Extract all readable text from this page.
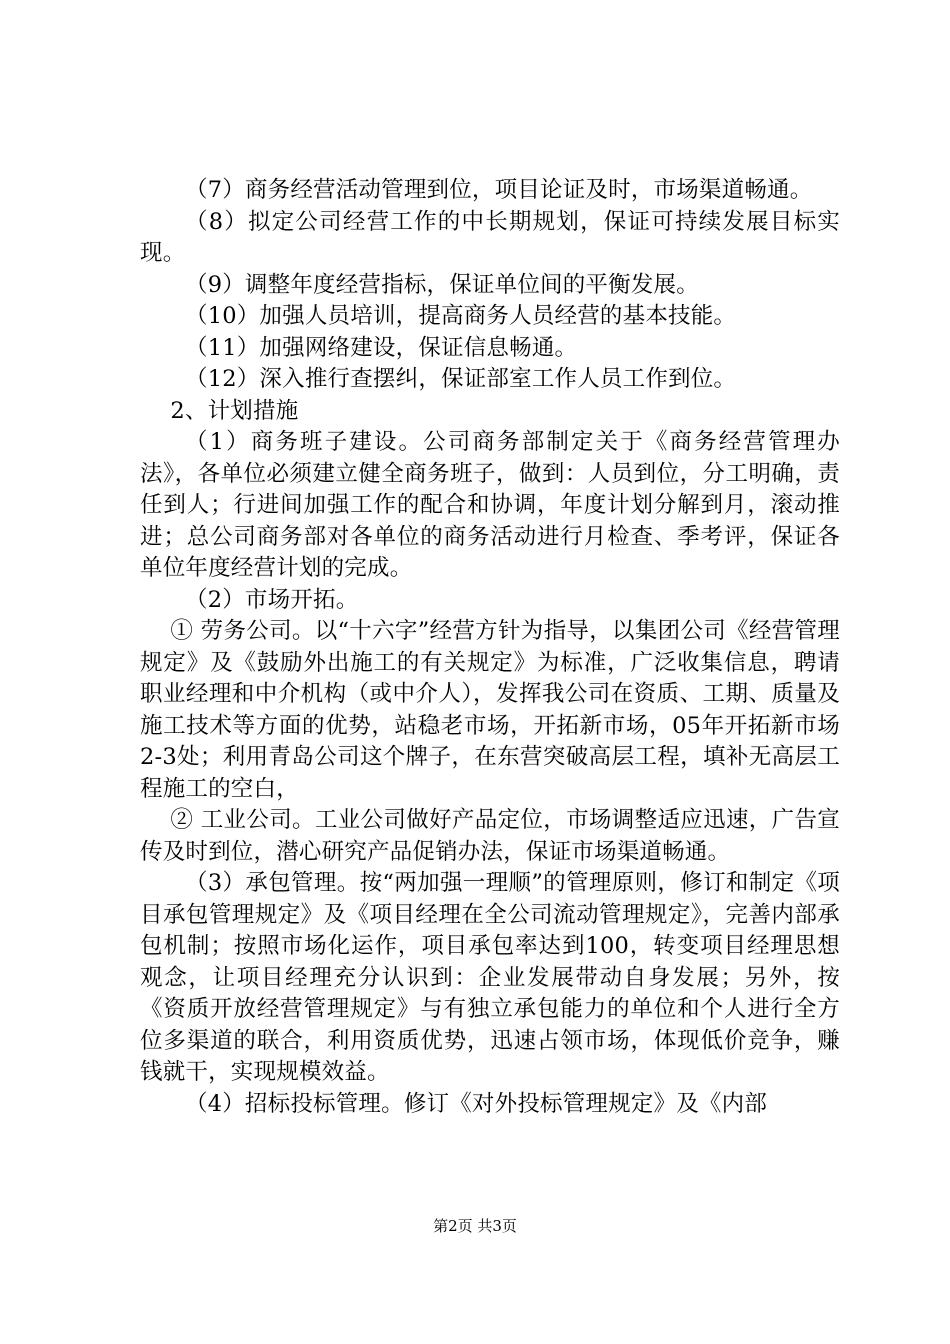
（7）商务经营活动管理到位，项目论证及时，市场渠道畅通。

（8）拟定公司经营工作的中长期规划，保证可持续发展目标实现。

（9）调整年度经营指标，保证单位间的平衡发展。

（10）加强人员培训，提高商务人员经营的基本技能。

（11）加强网络建设，保证信息畅通。

（12）深入推行查摆纠，保证部室工作人员工作到位。

2、计划措施

（1）商务班子建设。公司商务部制定关于《商务经营管理办法》，各单位必须建立健全商务班子，做到：人员到位，分工明确，责任到人；行进间加强工作的配合和协调，年度计划分解到月，滚动推进；总公司商务部对各单位的商务活动进行月检查、季考评，保证各单位年度经营计划的完成。

（2）市场开拓。

① 劳务公司。以“十六字”经营方针为指导，以集团公司《经营管理规定》及《鼓励外出施工的有关规定》为标准，广泛收集信息，聘请职业经理和中介机构（或中介人），发挥我公司在资质、工期、质量及施工技术等方面的优势，站稳老市场，开拓新市场，05年开拓新市场2-3处；利用青岛公司这个牌子，在东营突破高层工程，填补无高层工程施工的空白，

② 工业公司。工业公司做好产品定位，市场调整适应迅速，广告宣传及时到位，潜心研究产品促销办法，保证市场渠道畅通。

（3）承包管理。按“两加强一理顺”的管理原则，修订和制定《项目承包管理规定》及《项目经理在全公司流动管理规定》，完善内部承包机制；按照市场化运作，项目承包率达到100，转变项目经理思想观念，让项目经理充分认识到：企业发展带动自身发展；另外，按《资质开放经营管理规定》与有独立承包能力的单位和个人进行全方位多渠道的联合，利用资质优势，迅速占领市场，体现低价竞争，赚钱就干，实现规模效益。

（4）招标投标管理。修订《对外投标管理规定》及《内部

第2页 共3页
